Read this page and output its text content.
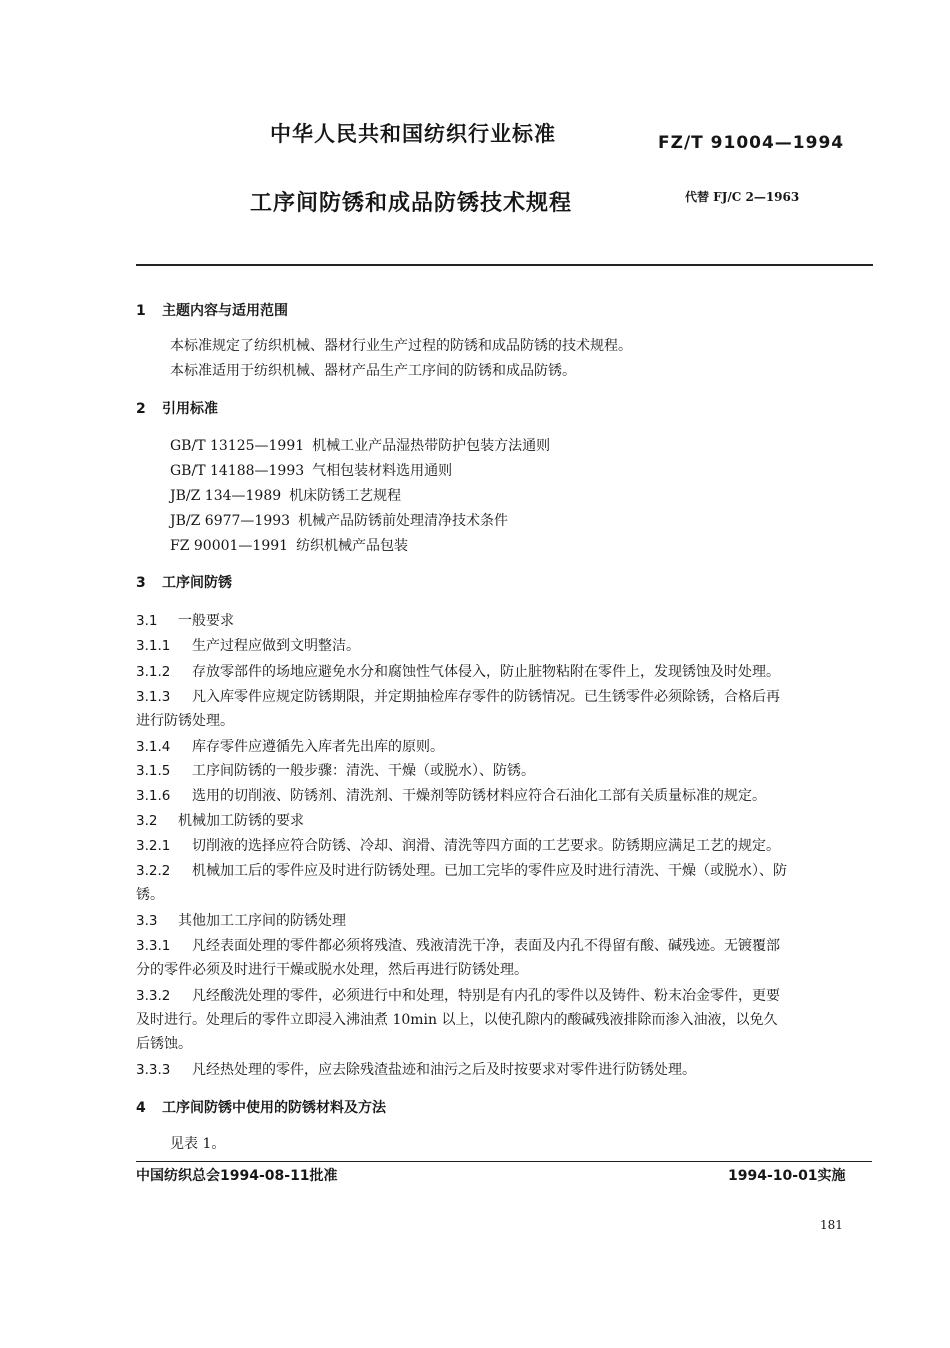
中华人民共和国纺织行业标准	FZ/T 91004—1994
工序间防锈和成品防锈技术规程	代替 FJ/C 2—1963
1 主题内容与适用范围
本标准规定了纺织机械、器材行业生产过程的防锈和成品防锈的技术规程。
本标准适用于纺织机械、器材产品生产工序间的防锈和成品防锈。
2 引用标准
GB/T 13125—1991 机械工业产品湿热带防护包装方法通则
GB/T 14188—1993 气相包装材料选用通则
JB/Z 134—1989 机床防锈工艺规程
JB/Z 6977—1993 机械产品防锈前处理清净技术条件
FZ 90001—1991 纺织机械产品包装
3 工序间防锈
3.1 一般要求
3.1.1 生产过程应做到文明整洁。
3.1.2 存放零部件的场地应避免水分和腐蚀性气体侵入，防止脏物粘附在零件上，发现锈蚀及时处理。
3.1.3 凡入库零件应规定防锈期限，并定期抽检库存零件的防锈情况。已生锈零件必须除锈，合格后再
进行防锈处理。
3.1.4 库存零件应遵循先入库者先出库的原则。
3.1.5 工序间防锈的一般步骤：清洗、干燥（或脱水）、防锈。
3.1.6 选用的切削液、防锈剂、清洗剂、干燥剂等防锈材料应符合石油化工部有关质量标准的规定。
3.2 机械加工防锈的要求
3.2.1 切削液的选择应符合防锈、冷却、润滑、清洗等四方面的工艺要求。防锈期应满足工艺的规定。
3.2.2 机械加工后的零件应及时进行防锈处理。已加工完毕的零件应及时进行清洗、干燥（或脱水）、防
锈。
3.3 其他加工工序间的防锈处理
3.3.1 凡经表面处理的零件都必须将残渣、残液清洗干净，表面及内孔不得留有酸、碱残迹。无镀覆部
分的零件必须及时进行干燥或脱水处理，然后再进行防锈处理。
3.3.2 凡经酸洗处理的零件，必须进行中和处理，特别是有内孔的零件以及铸件、粉末冶金零件，更要
及时进行。处理后的零件立即浸入沸油煮 10min 以上，以使孔隙内的酸碱残液排除而渗入油液，以免久
后锈蚀。
3.3.3 凡经热处理的零件，应去除残渣盐迹和油污之后及时按要求对零件进行防锈处理。
4 工序间防锈中使用的防锈材料及方法
见表 1。
中国纺织总会1994-08-11批准	1994-10-01实施
181
